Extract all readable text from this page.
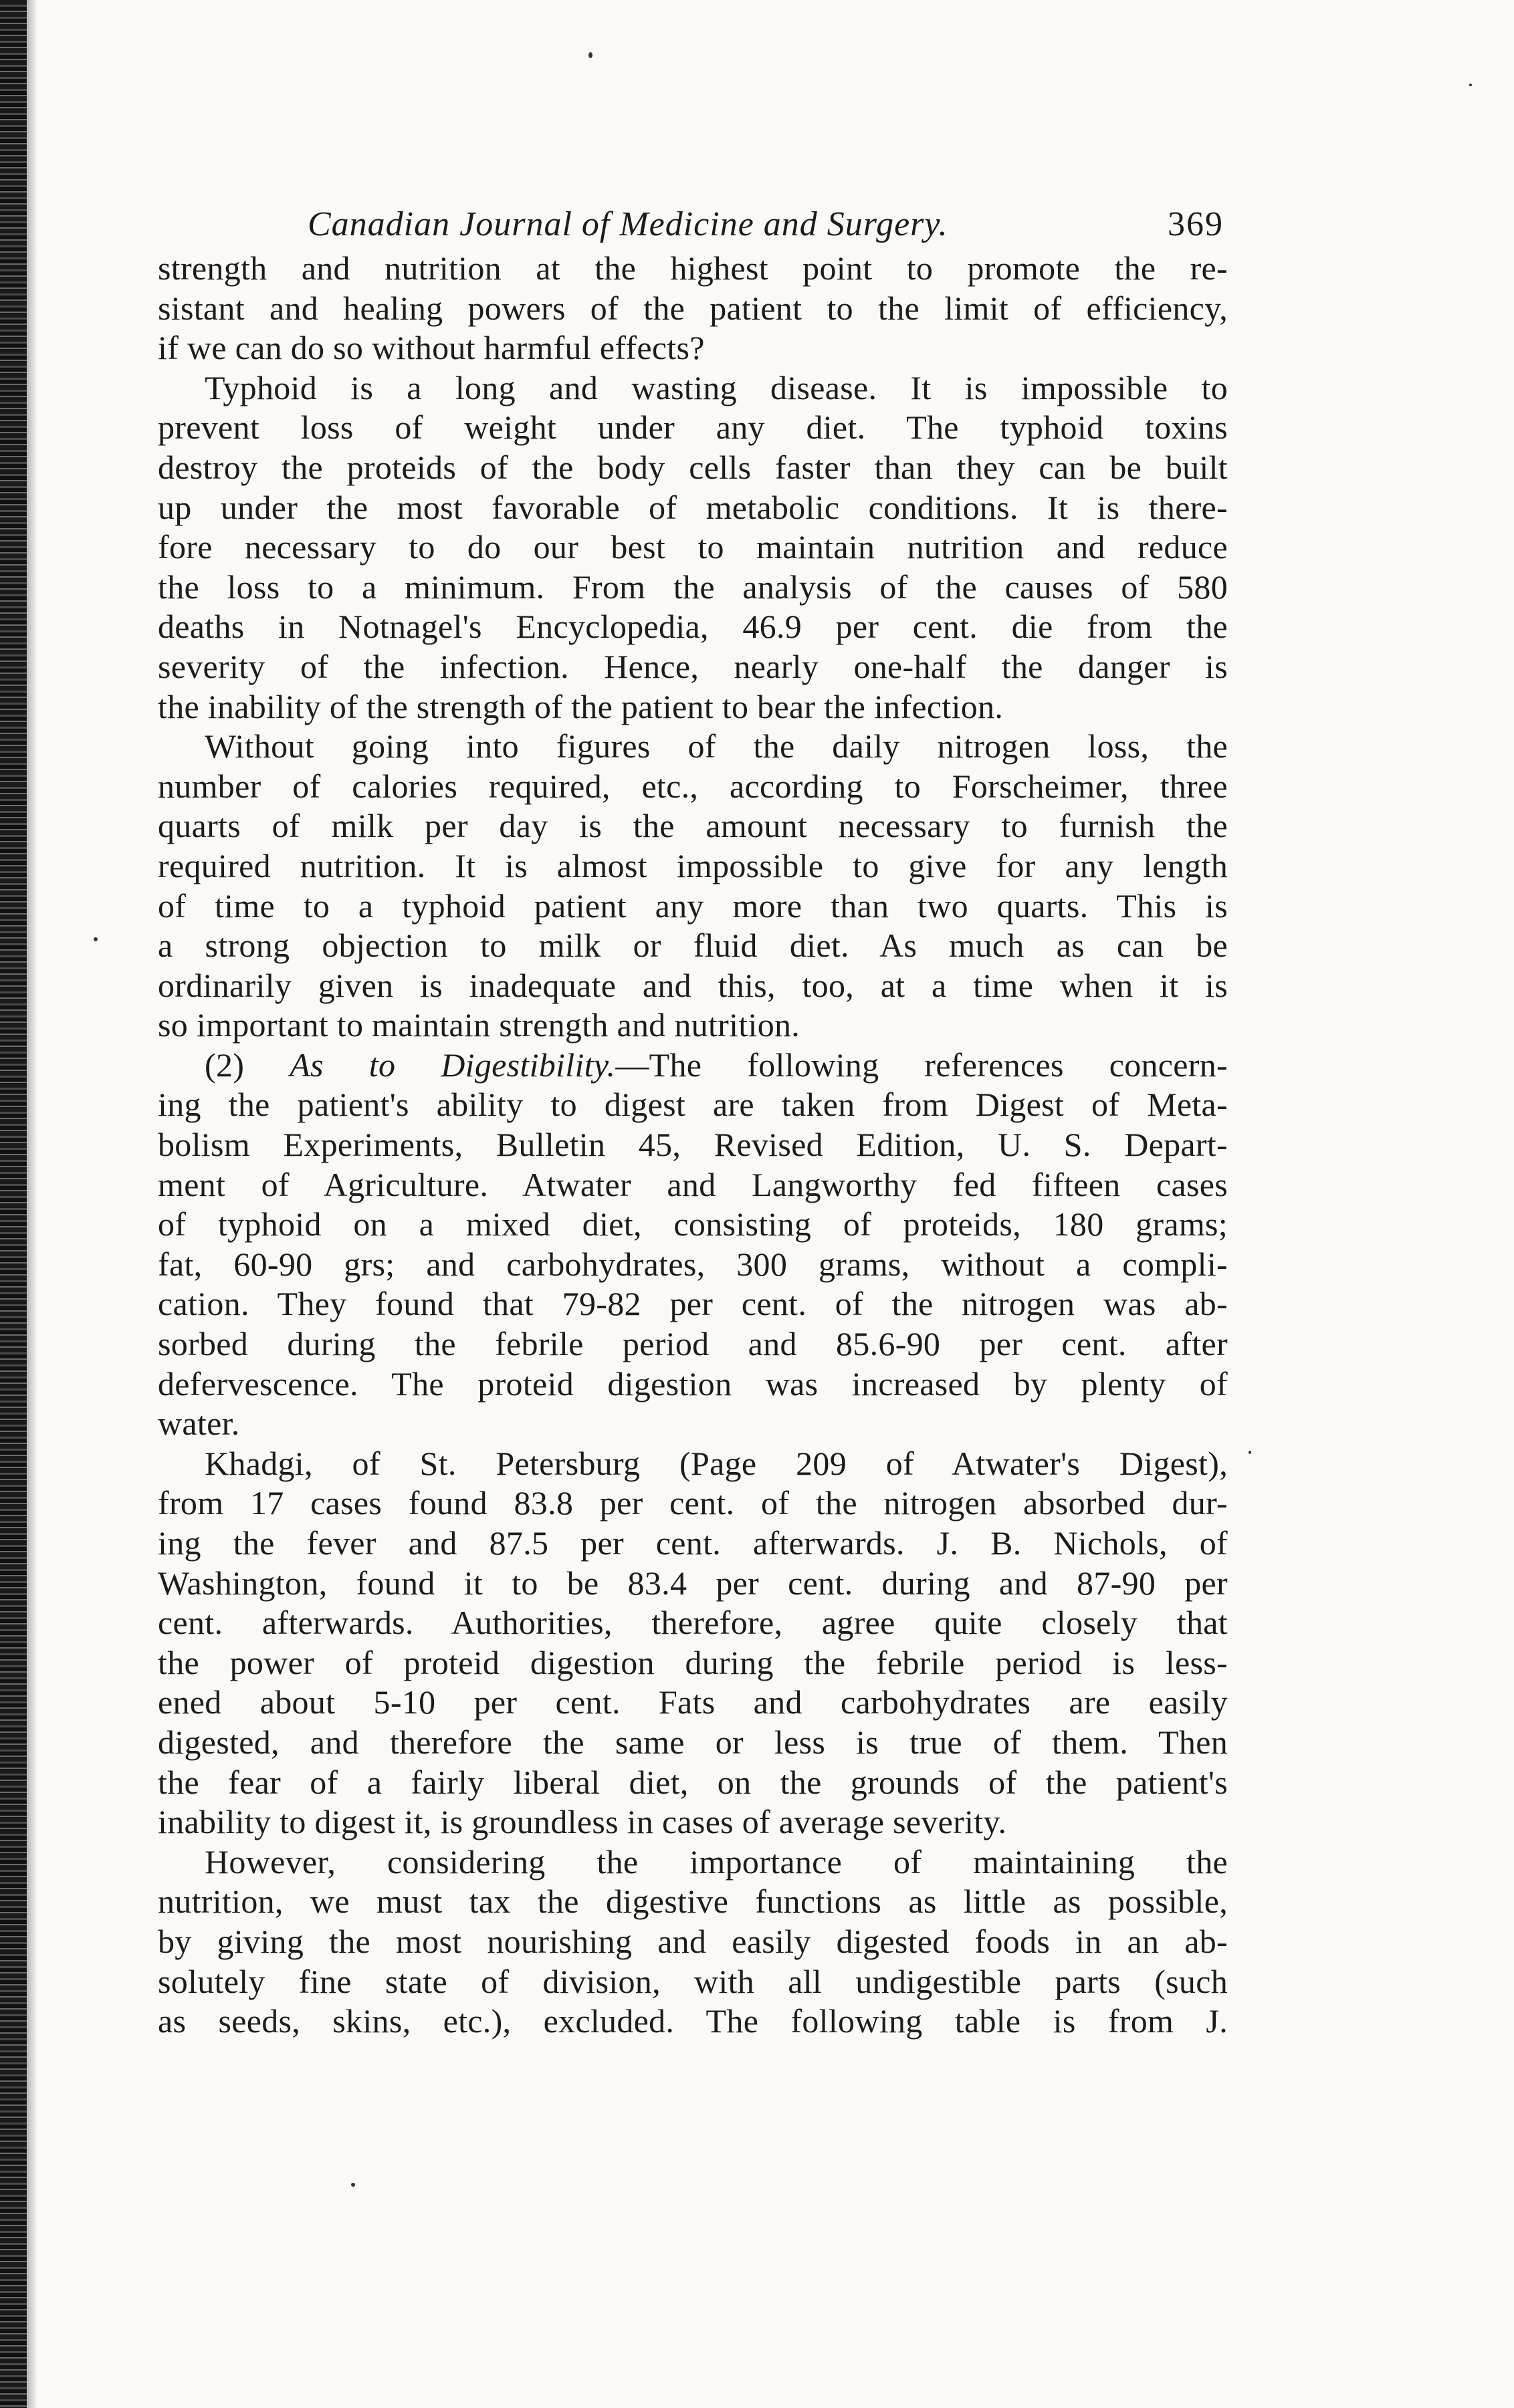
Canadian Journal of Medicine and Surgery.	369
strength and nutrition at the highest point to promote the re-
sistant and healing powers of the patient to the limit of efficiency,
if we can do so without harmful effects?
Typhoid is a long and wasting disease. It is impossible to
prevent loss of weight under any diet. The typhoid toxins
destroy the proteids of the body cells faster than they can be built
up under the most favorable of metabolic conditions. It is there-
fore necessary to do our best to maintain nutrition and reduce
the loss to a minimum. From the analysis of the causes of 580
deaths in Notnagel's Encyclopedia, 46.9 per cent. die from the
severity of the infection. Hence, nearly one-half the danger is
the inability of the strength of the patient to bear the infection.
Without going into figures of the daily nitrogen loss, the
number of calories required, etc., according to Forscheimer, three
quarts of milk per day is the amount necessary to furnish the
required nutrition. It is almost impossible to give for any length
of time to a typhoid patient any more than two quarts. This is
a strong objection to milk or fluid diet. As much as can be
ordinarily given is inadequate and this, too, at a time when it is
so important to maintain strength and nutrition.
(2) As to Digestibility.—The following references concern-
ing the patient's ability to digest are taken from Digest of Meta-
bolism Experiments, Bulletin 45, Revised Edition, U. S. Depart-
ment of Agriculture. Atwater and Langworthy fed fifteen cases
of typhoid on a mixed diet, consisting of proteids, 180 grams;
fat, 60-90 grs; and carbohydrates, 300 grams, without a compli-
cation. They found that 79-82 per cent. of the nitrogen was ab-
sorbed during the febrile period and 85.6-90 per cent. after
defervescence. The proteid digestion was increased by plenty of
water.
Khadgi, of St. Petersburg (Page 209 of Atwater's Digest),
from 17 cases found 83.8 per cent. of the nitrogen absorbed dur-
ing the fever and 87.5 per cent. afterwards. J. B. Nichols, of
Washington, found it to be 83.4 per cent. during and 87-90 per
cent. afterwards. Authorities, therefore, agree quite closely that
the power of proteid digestion during the febrile period is less-
ened about 5-10 per cent. Fats and carbohydrates are easily
digested, and therefore the same or less is true of them. Then
the fear of a fairly liberal diet, on the grounds of the patient's
inability to digest it, is groundless in cases of average severity.
However, considering the importance of maintaining the
nutrition, we must tax the digestive functions as little as possible,
by giving the most nourishing and easily digested foods in an ab-
solutely fine state of division, with all undigestible parts (such
as seeds, skins, etc.), excluded. The following table is from J.
